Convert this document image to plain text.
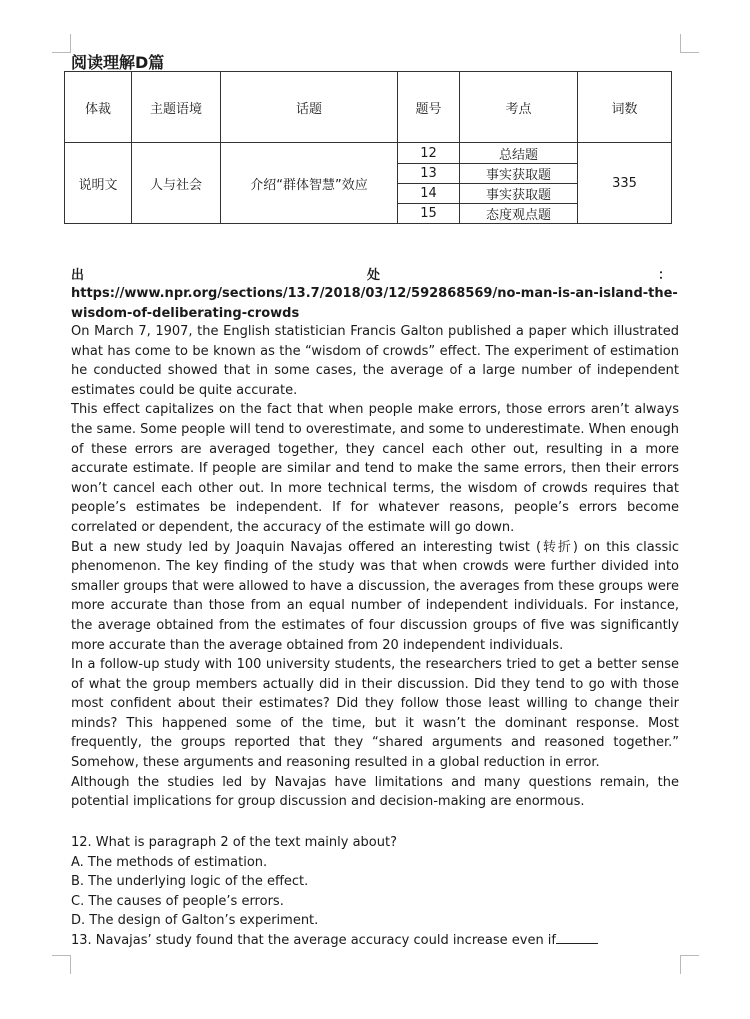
阅读理解D篇
体裁	主题语境	话题	题号	考点	词数
说明文	人与社会	介绍“群体智慧”效应	12	总结题	335
			13	事实获取题	
			14	事实获取题	
			15	态度观点题	
出	处	：
https://www.npr.org/sections/13.7/2018/03/12/592868569/no-man-is-an-island-the-wisdom-of-deliberating-crowds

On March 7, 1907, the English statistician Francis Galton published a paper which illustrated what has come to be known as the “wisdom of crowds” effect. The experiment of estimation he conducted showed that in some cases, the average of a large number of independent estimates could be quite accurate.

This effect capitalizes on the fact that when people make errors, those errors aren’t always the same. Some people will tend to overestimate, and some to underestimate. When enough of these errors are averaged together, they cancel each other out, resulting in a more accurate estimate. If people are similar and tend to make the same errors, then their errors won’t cancel each other out. In more technical terms, the wisdom of crowds requires that people’s estimates be independent. If for whatever reasons, people’s errors become correlated or dependent, the accuracy of the estimate will go down.

But a new study led by Joaquin Navajas offered an interesting twist (转折) on this classic phenomenon. The key finding of the study was that when crowds were further divided into smaller groups that were allowed to have a discussion, the averages from these groups were more accurate than those from an equal number of independent individuals. For instance, the average obtained from the estimates of four discussion groups of five was significantly more accurate than the average obtained from 20 independent individuals.

In a follow-up study with 100 university students, the researchers tried to get a better sense of what the group members actually did in their discussion. Did they tend to go with those most confident about their estimates? Did they follow those least willing to change their minds? This happened some of the time, but it wasn’t the dominant response. Most frequently, the groups reported that they “shared arguments and reasoned together.” Somehow, these arguments and reasoning resulted in a global reduction in error.

Although the studies led by Navajas have limitations and many questions remain, the potential implications for group discussion and decision-making are enormous.

12. What is paragraph 2 of the text mainly about?

A. The methods of estimation.

B. The underlying logic of the effect.

C. The causes of people’s errors.

D. The design of Galton’s experiment.

13. Navajas’ study found that the average accuracy could increase even if
